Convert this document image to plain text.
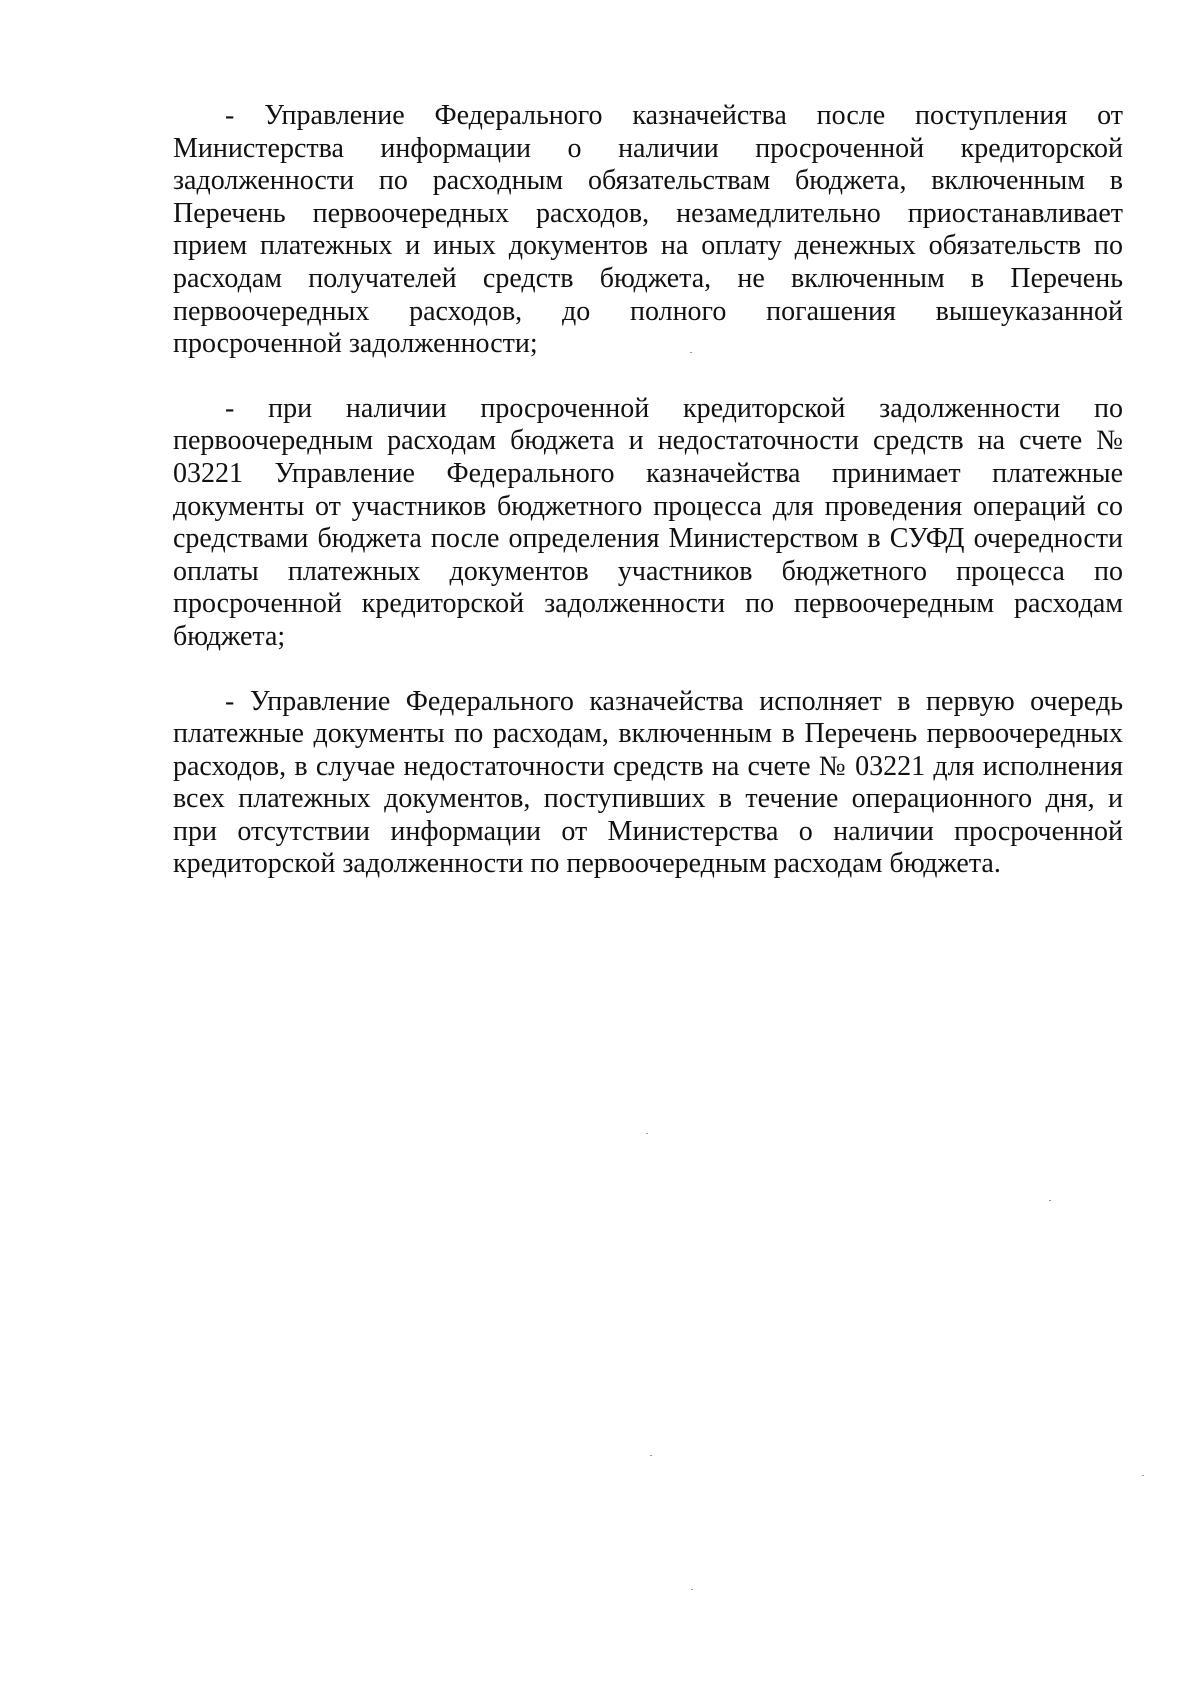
- Управление Федерального казначейства после поступления от Министерства информации о наличии просроченной кредиторской задолженности по расходным обязательствам бюджета, включенным в Перечень первоочередных расходов, незамедлительно приостанавливает прием платежных и иных документов на оплату денежных обязательств по расходам получателей средств бюджета, не включенным в Перечень первоочередных расходов, до полного погашения вышеуказанной просроченной задолженности;

- при наличии просроченной кредиторской задолженности по первоочередным расходам бюджета и недостаточности средств на счете № 03221 Управление Федерального казначейства принимает платежные документы от участников бюджетного процесса для проведения операций со средствами бюджета после определения Министерством в СУФД очередности оплаты платежных документов участников бюджетного процесса по просроченной кредиторской задолженности по первоочередным расходам бюджета;

- Управление Федерального казначейства исполняет в первую очередь платежные документы по расходам, включенным в Перечень первоочередных расходов, в случае недостаточности средств на счете № 03221 для исполнения всех платежных документов, поступивших в течение операционного дня, и при отсутствии информации от Министерства о наличии просроченной кредиторской задолженности по первоочередным расходам бюджета.
